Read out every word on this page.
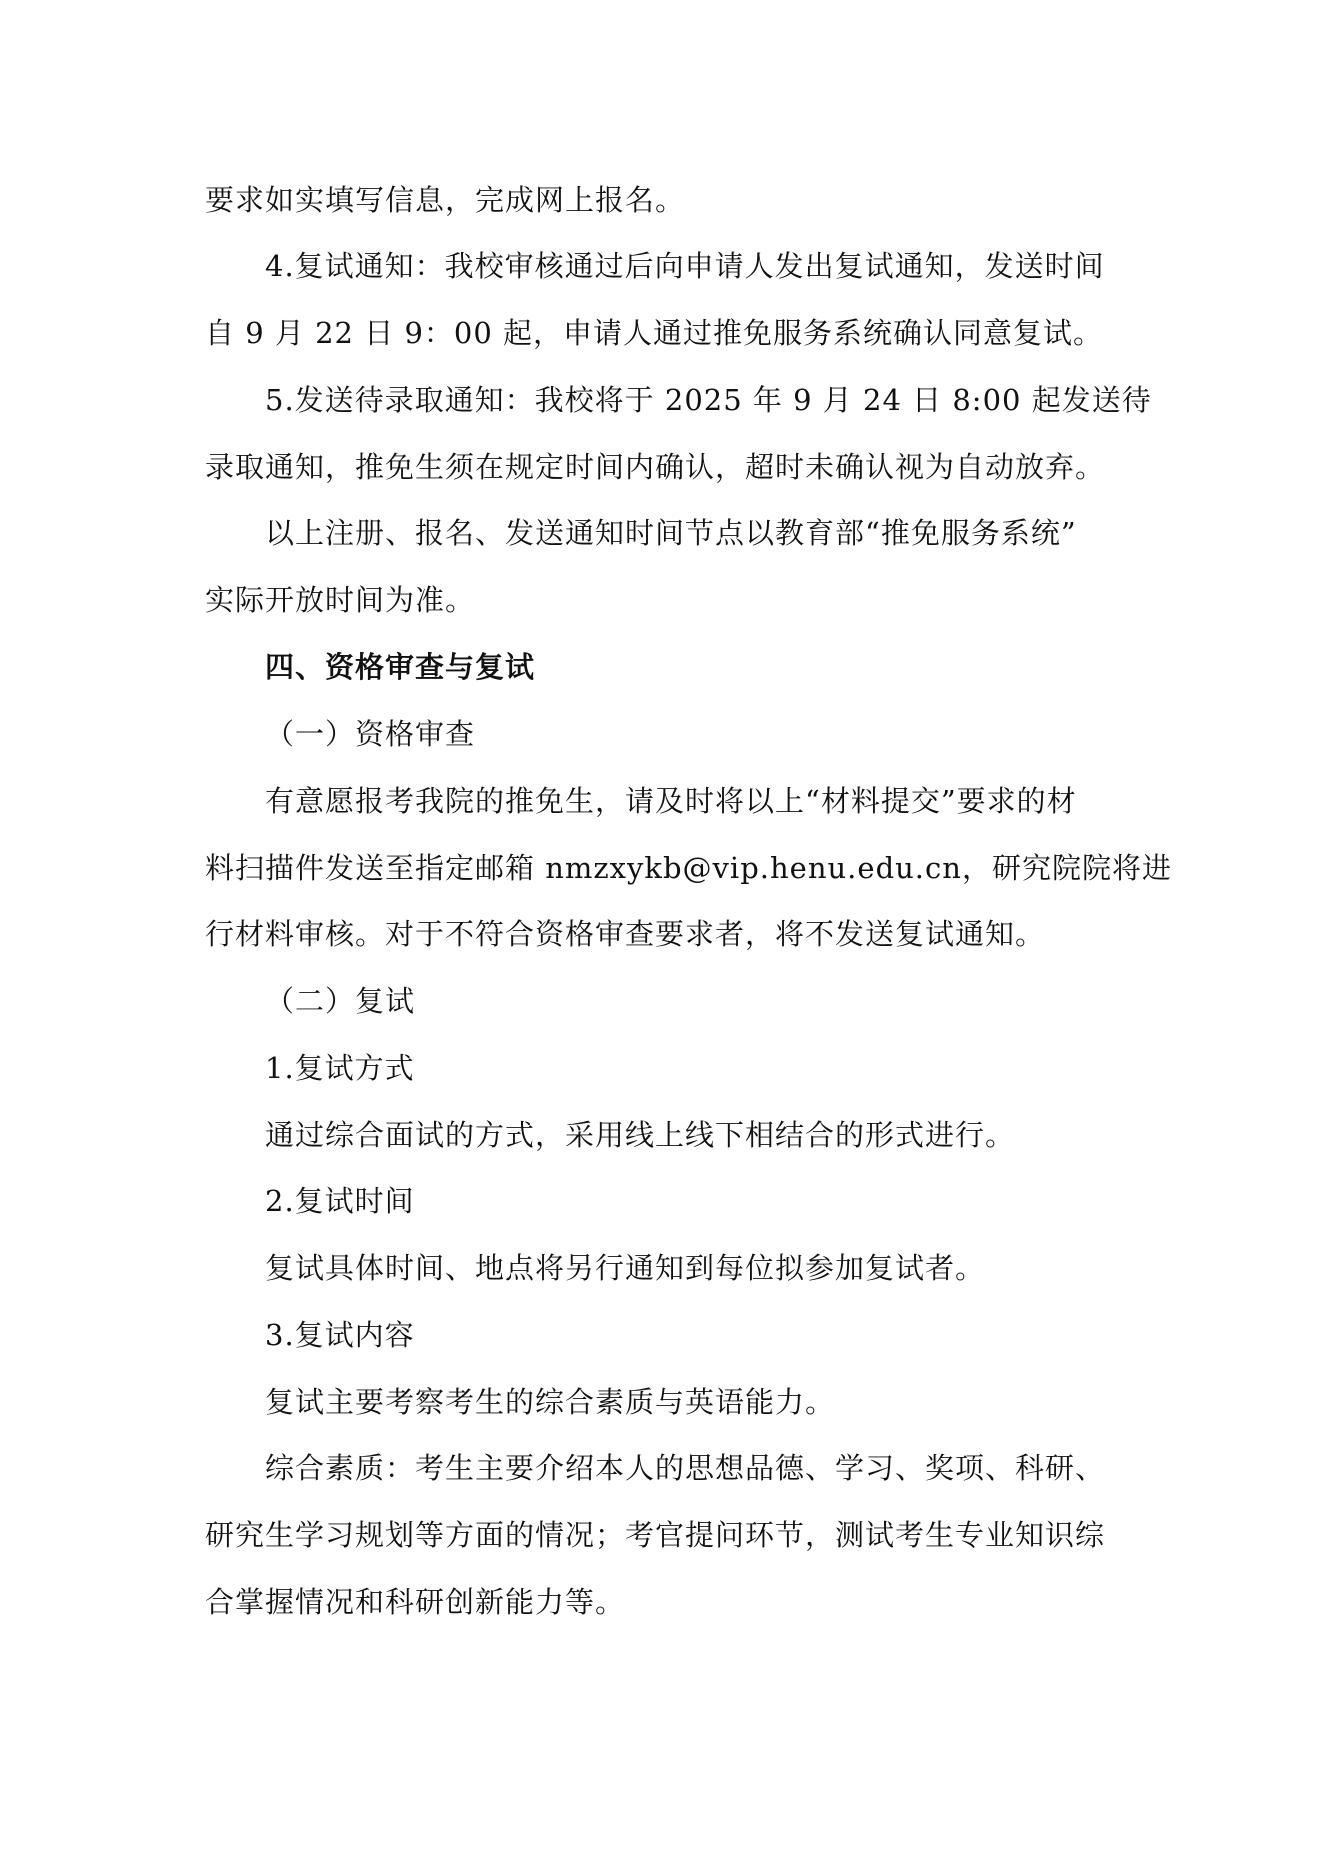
要求如实填写信息，完成网上报名。
4.复试通知：我校审核通过后向申请人发出复试通知，发送时间
自 9 月 22 日 9：00 起，申请人通过推免服务系统确认同意复试。
5.发送待录取通知：我校将于 2025 年 9 月 24 日 8:00 起发送待
录取通知，推免生须在规定时间内确认，超时未确认视为自动放弃。
以上注册、报名、发送通知时间节点以教育部“推免服务系统”
实际开放时间为准。
四、资格审查与复试
（一）资格审查
有意愿报考我院的推免生，请及时将以上“材料提交”要求的材
料扫描件发送至指定邮箱 nmzxykb@vip.henu.edu.cn，研究院院将进
行材料审核。对于不符合资格审查要求者，将不发送复试通知。
（二）复试
1.复试方式
通过综合面试的方式，采用线上线下相结合的形式进行。
2.复试时间
复试具体时间、地点将另行通知到每位拟参加复试者。
3.复试内容
复试主要考察考生的综合素质与英语能力。
综合素质：考生主要介绍本人的思想品德、学习、奖项、科研、
研究生学习规划等方面的情况；考官提问环节，测试考生专业知识综
合掌握情况和科研创新能力等。
